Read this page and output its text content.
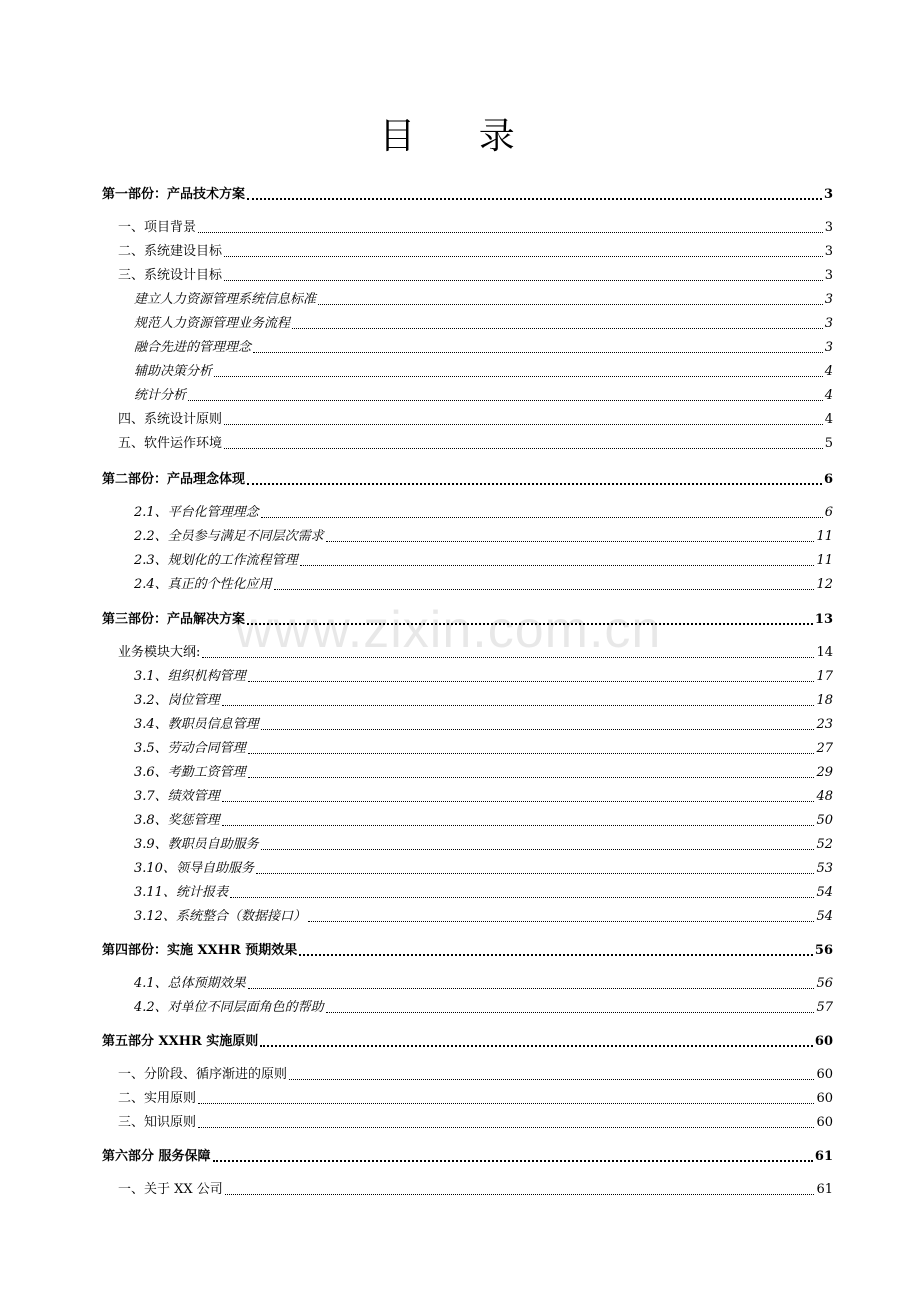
目 录
www.zixin.com.cn
第一部份：产品技术方案	3
一、项目背景	3
二、系统建设目标	3
三、系统设计目标	3
建立人力资源管理系统信息标准	3
规范人力资源管理业务流程	3
融合先进的管理理念	3
辅助决策分析	4
统计分析	4
四、系统设计原则	4
五、软件运作环境	5
第二部份：产品理念体现	6
2.1、平台化管理理念	6
2.2、全员参与满足不同层次需求	11
2.3、规划化的工作流程管理	11
2.4、真正的个性化应用	12
第三部份：产品解决方案	13
业务模块大纲:	14
3.1、组织机构管理	17
3.2、岗位管理	18
3.4、教职员信息管理	23
3.5、劳动合同管理	27
3.6、考勤工资管理	29
3.7、绩效管理	48
3.8、奖惩管理	50
3.9、教职员自助服务	52
3.10、领导自助服务	53
3.11、统计报表	54
3.12、系统整合（数据接口）	54
第四部份：实施 XXHR 预期效果	56
4.1、总体预期效果	56
4.2、对单位不同层面角色的帮助	57
第五部分 XXHR 实施原则	60
一、分阶段、循序渐进的原则	60
二、实用原则	60
三、知识原则	60
第六部分 服务保障	61
一、关于 XX 公司	61
